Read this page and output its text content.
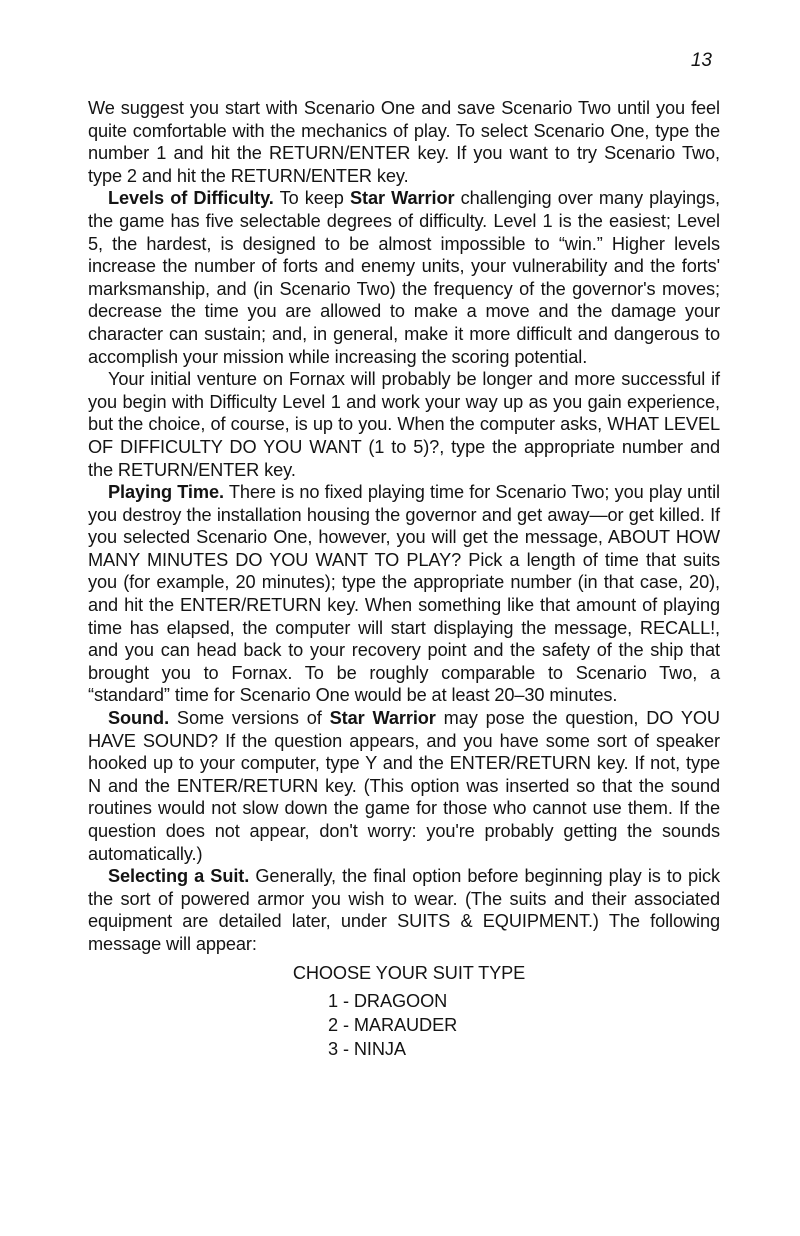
13

We suggest you start with Scenario One and save Scenario Two until you feel quite comfortable with the mechanics of play. To select Scenario One, type the number 1 and hit the RETURN/ENTER key. If you want to try Scenario Two, type 2 and hit the RETURN/ENTER key.

Levels of Difficulty. To keep Star Warrior challenging over many playings, the game has five selectable degrees of difficulty. Level 1 is the easiest; Level 5, the hardest, is designed to be almost impossible to “win.” Higher levels increase the number of forts and enemy units, your vulnerability and the forts' marksmanship, and (in Scenario Two) the frequency of the governor's moves; decrease the time you are allowed to make a move and the damage your character can sustain; and, in general, make it more difficult and dangerous to accomplish your mission while increasing the scoring potential.

Your initial venture on Fornax will probably be longer and more successful if you begin with Difficulty Level 1 and work your way up as you gain experience, but the choice, of course, is up to you. When the computer asks, WHAT LEVEL OF DIFFICULTY DO YOU WANT (1 to 5)?, type the appropriate number and the RETURN/ENTER key.

Playing Time. There is no fixed playing time for Scenario Two; you play until you destroy the installation housing the governor and get away—or get killed. If you selected Scenario One, however, you will get the message, ABOUT HOW MANY MINUTES DO YOU WANT TO PLAY? Pick a length of time that suits you (for example, 20 minutes); type the appropriate number (in that case, 20), and hit the ENTER/RETURN key. When something like that amount of playing time has elapsed, the computer will start displaying the message, RECALL!, and you can head back to your recovery point and the safety of the ship that brought you to Fornax. To be roughly comparable to Scenario Two, a “standard” time for Scenario One would be at least 20–30 minutes.

Sound. Some versions of Star Warrior may pose the question, DO YOU HAVE SOUND? If the question appears, and you have some sort of speaker hooked up to your computer, type Y and the ENTER/RETURN key. If not, type N and the ENTER/RETURN key. (This option was inserted so that the sound routines would not slow down the game for those who cannot use them. If the question does not appear, don't worry: you're probably getting the sounds automatically.)

Selecting a Suit. Generally, the final option before beginning play is to pick the sort of powered armor you wish to wear. (The suits and their associated equipment are detailed later, under SUITS & EQUIPMENT.) The following message will appear:

CHOOSE YOUR SUIT TYPE
1 - DRAGOON
2 - MARAUDER
3 - NINJA
